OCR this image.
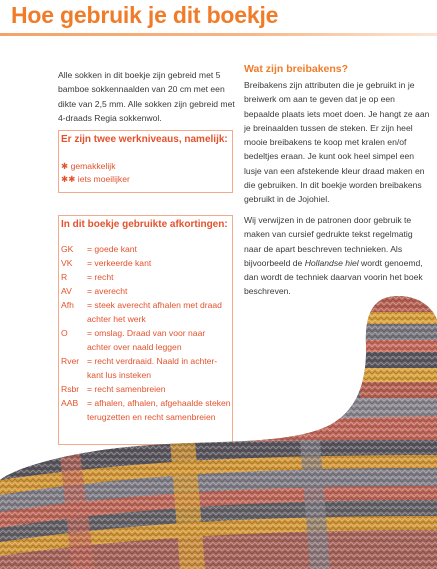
Hoe gebruik je dit boekje

Alle sokken in dit boekje zijn gebreid met 5 bamboe sokkennaalden van 20 cm met een dikte van 2,5 mm. Alle sokken zijn gebreid met 4-draads Regia sokkenwol.

Er zijn twee werkniveaus, namelijk:
✱ gemakkelijk
✱✱ iets moeilijker
In dit boekje gebruikte afkortingen:
GK	= goede kant
VK	= verkeerde kant
R	= recht
AV	= averecht
Afh	= steek averecht afhalen met draad achter het werk
O	= omslag. Draad van voor naar achter over naald leggen
Rver = recht verdraaid. Naald in achter-kant lus insteken
Rsbr = recht samenbreien
AAB	= afhalen, afhalen, afgehaalde steken terugzetten en recht samenbreien
Wat zijn breibakens?

Breibakens zijn attributen die je gebruikt in je breiwerk om aan te geven dat je op een bepaalde plaats iets moet doen. Je hangt ze aan je breinaalden tussen de steken. Er zijn heel mooie breibakens te koop met kralen en/of bedeltjes eraan. Je kunt ook heel simpel een lusje van een afstekende kleur draad maken en die gebruiken. In dit boekje worden breibakens gebruikt in de Jojohiel.

Wij verwijzen in de patronen door gebruik te maken van cursief gedrukte tekst regelmatig naar de apart beschreven technieken. Als bijvoorbeeld de Hollandse hiel wordt genoemd, dan wordt de techniek daarvan voorin het boek beschreven.
